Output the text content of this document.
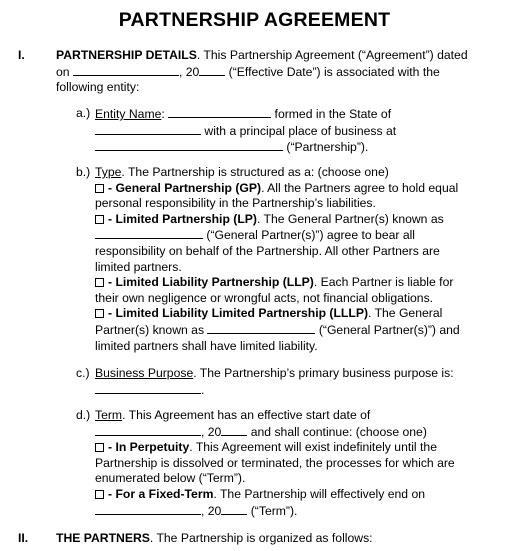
PARTNERSHIP AGREEMENT
I.	PARTNERSHIP DETAILS. This Partnership Agreement (“Agreement”) dated

on	, 20 (“Effective Date”) is associated with the

following entity:

a.) Entity Name:	formed in the State of

with a principal place of business at

(“Partnership”).

b.) Type. The Partnership is structured as a: (choose one)

- General Partnership (GP). All the Partners agree to hold equal

personal responsibility in the Partnership’s liabilities.

- Limited Partnership (LP). The General Partner(s) known as

(“General Partner(s)”) agree to bear all

responsibility on behalf of the Partnership. All other Partners are

limited partners.

- Limited Liability Partnership (LLP). Each Partner is liable for

their own negligence or wrongful acts, not financial obligations.

- Limited Liability Limited Partnership (LLLP). The General

Partner(s) known as	(“General Partner(s)”) and

limited partners shall have limited liability.

c.) Business Purpose. The Partnership’s primary business purpose is:

.

d.) Term. This Agreement has an effective start date of

, 20 and shall continue: (choose one)

- In Perpetuity. This Agreement will exist indefinitely until the

Partnership is dissolved or terminated, the processes for which are

enumerated below (“Term”).

- For a Fixed-Term. The Partnership will effectively end on

, 20 (“Term”).

II. THE PARTNERS. The Partnership is organized as follows:
